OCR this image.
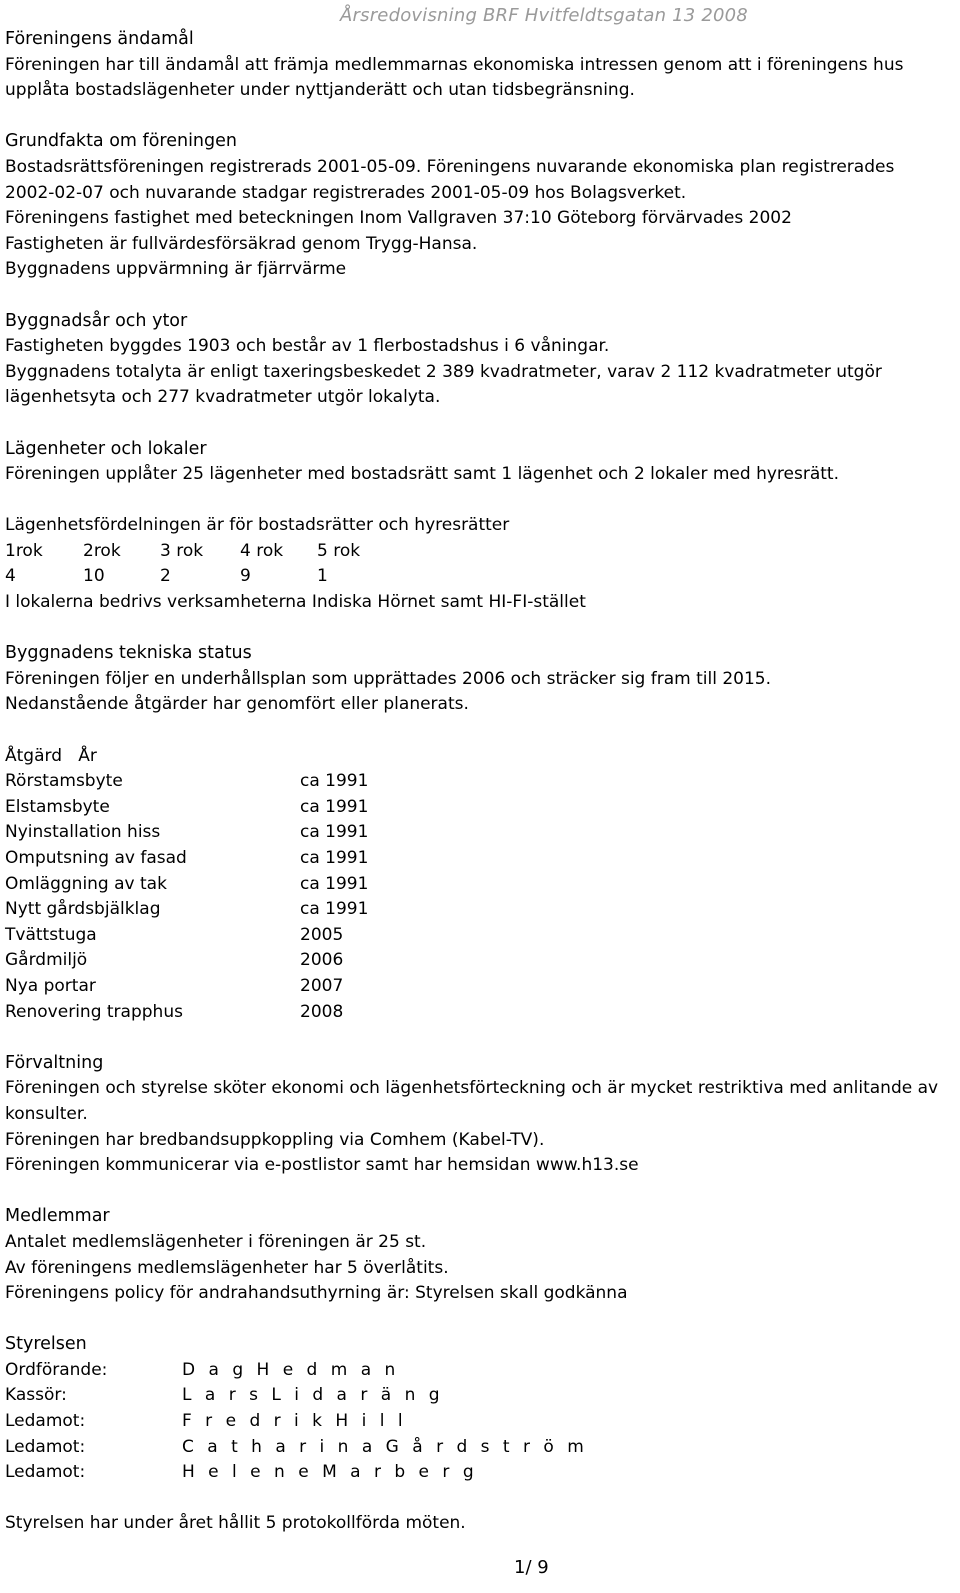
Årsredovisning BRF Hvitfeldtsgatan 13 2008
Föreningens ändamål
Föreningen har till ändamål att främja medlemmarnas ekonomiska intressen genom att i föreningens hus
upplåta bostadslägenheter under nyttjanderätt och utan tidsbegränsning.
Grundfakta om föreningen
Bostadsrättsföreningen registrerads 2001-05-09. Föreningens nuvarande ekonomiska plan registrerades
2002-02-07 och nuvarande stadgar registrerades 2001-05-09 hos Bolagsverket.
Föreningens fastighet med beteckningen Inom Vallgraven 37:10 Göteborg förvärvades 2002
Fastigheten är fullvärdesförsäkrad genom Trygg-Hansa.
Byggnadens uppvärmning är fjärrvärme
Byggnadsår och ytor
Fastigheten byggdes 1903 och består av 1 flerbostadshus i 6 våningar.
Byggnadens totalyta är enligt taxeringsbeskedet 2 389 kvadratmeter, varav 2 112 kvadratmeter utgör
lägenhetsyta och 277 kvadratmeter utgör lokalyta.
Lägenheter och lokaler
Föreningen upplåter 25 lägenheter med bostadsrätt samt 1 lägenhet och 2 lokaler med hyresrätt.
Lägenhetsfördelningen är för bostadsrätter och hyresrätter
1rok 2rok 3 rok 4 rok 5 rok
4	10	2	9	1
I lokalerna bedrivs verksamheterna Indiska Hörnet samt HI-FI-stället
Byggnadens tekniska status
Föreningen följer en underhållsplan som upprättades 2006 och sträcker sig fram till 2015.
Nedanstående åtgärder har genomfört eller planerats.
Åtgärd   År
Rörstamsbyte	ca 1991
Elstamsbyte	ca 1991
Nyinstallation hiss	ca 1991
Omputsning av fasad	ca 1991
Omläggning av tak	ca 1991
Nytt gårdsbjälklag	ca 1991
Tvättstuga	2005
Gårdmiljö	2006
Nya portar	2007
Renovering trapphus	2008
Förvaltning
Föreningen och styrelse sköter ekonomi och lägenhetsförteckning och är mycket restriktiva med anlitande av
konsulter.
Föreningen har bredbandsuppkoppling via Comhem (Kabel-TV).
Föreningen kommunicerar via e-postlistor samt har hemsidan www.h13.se
Medlemmar
Antalet medlemslägenheter i föreningen är 25 st.
Av föreningens medlemslägenheter har 5 överlåtits.
Föreningens policy för andrahandsuthyrning är: Styrelsen skall godkänna
Styrelsen
Ordförande:	D a g H e d m a n
Kassör:	L a r s L i d a r ä n g
Ledamot:	F r e d r i k H i l l
Ledamot:	C a t h a r i n a G å r d s t r ö m
Ledamot:	H e l e n e M a r b e r g
Styrelsen har under året hållit 5 protokollförda möten.
1/ 9
